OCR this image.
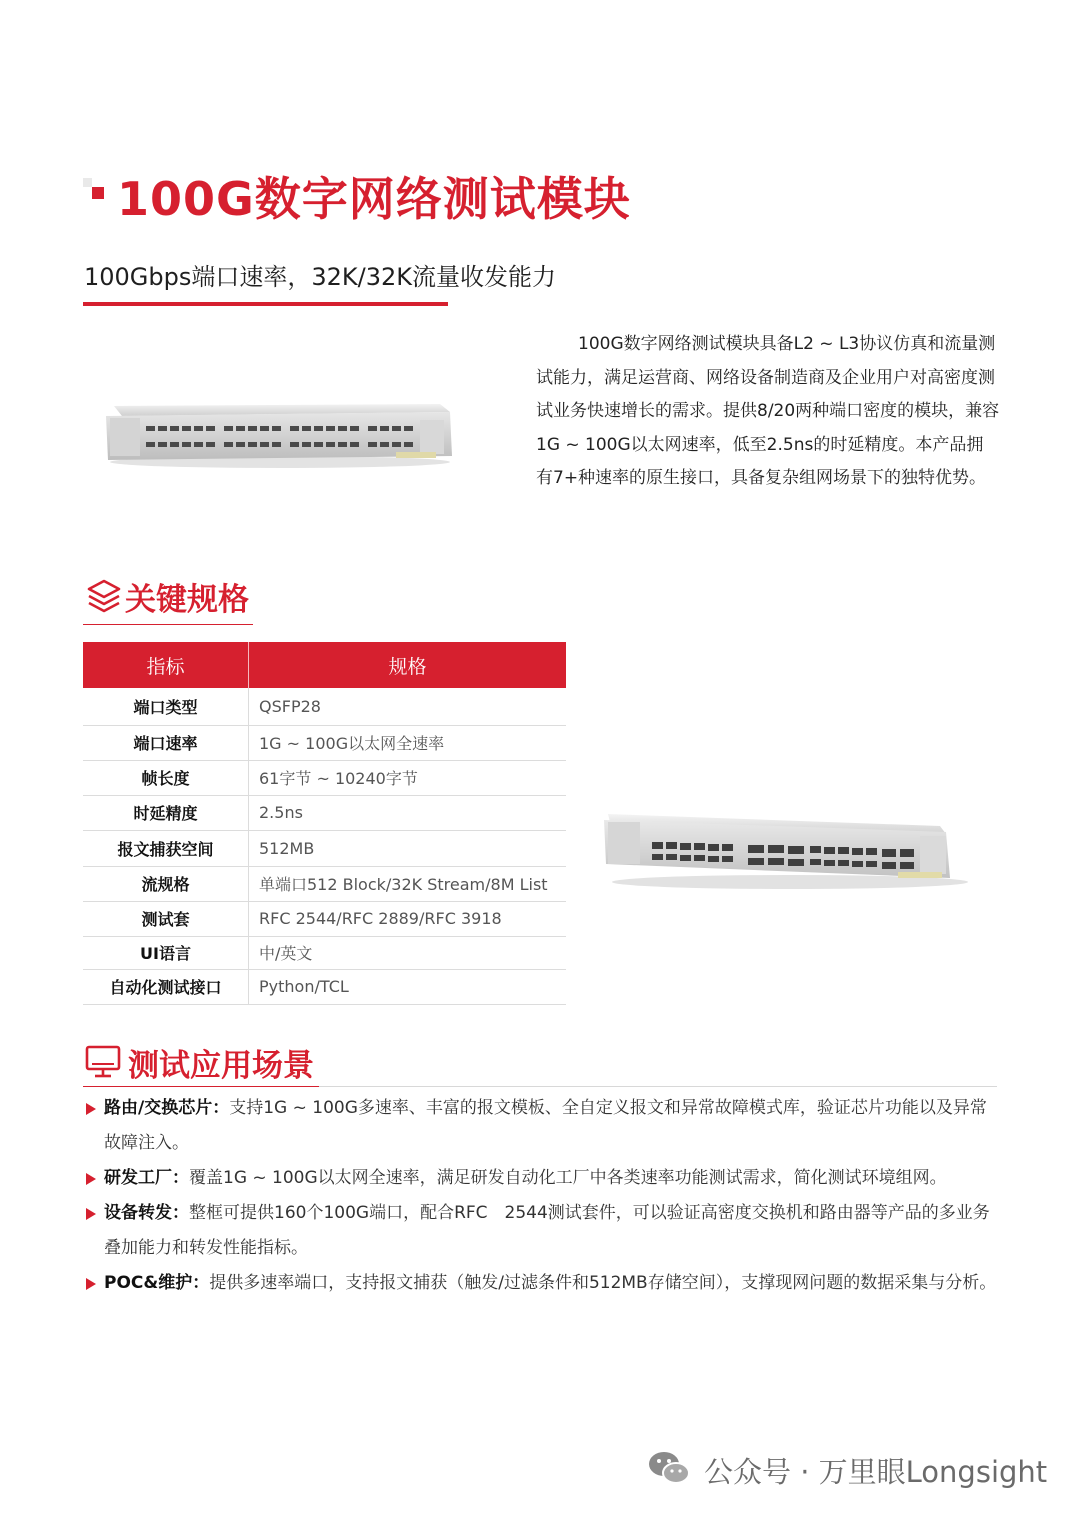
100G数字网络测试模块
100Gbps端口速率，32K/32K流量收发能力
100G数字网络测试模块具备L2 ~ L3协议仿真和流量测试能力，满足运营商、网络设备制造商及企业用户对高密度测试业务快速增长的需求。提供8/20两种端口密度的模块，兼容1G ~ 100G以太网速率，低至2.5ns的时延精度。本产品拥有7+种速率的原生接口，具备复杂组网场景下的独特优势。
关键规格
指标	规格
端口类型	QSFP28
端口速率	1G ~ 100G以太网全速率
帧长度	61字节 ~ 10240字节
时延精度	2.5ns
报文捕获空间	512MB
流规格	单端口512 Block/32K Stream/8M List
测试套	RFC 2544/RFC 2889/RFC 3918
UI语言	中/英文
自动化测试接口	Python/TCL
测试应用场景
路由/交换芯片：支持1G ~ 100G多速率、丰富的报文模板、全自定义报文和异常故障模式库，验证芯片功能以及异常故障注入。
研发工厂：覆盖1G ~ 100G以太网全速率，满足研发自动化工厂中各类速率功能测试需求，简化测试环境组网。
设备转发：整框可提供160个100G端口，配合RFC　2544测试套件，可以验证高密度交换机和路由器等产品的多业务叠加能力和转发性能指标。
POC&维护：提供多速率端口，支持报文捕获（触发/过滤条件和512MB存储空间），支撑现网问题的数据采集与分析。
公众号 · 万里眼Longsight
